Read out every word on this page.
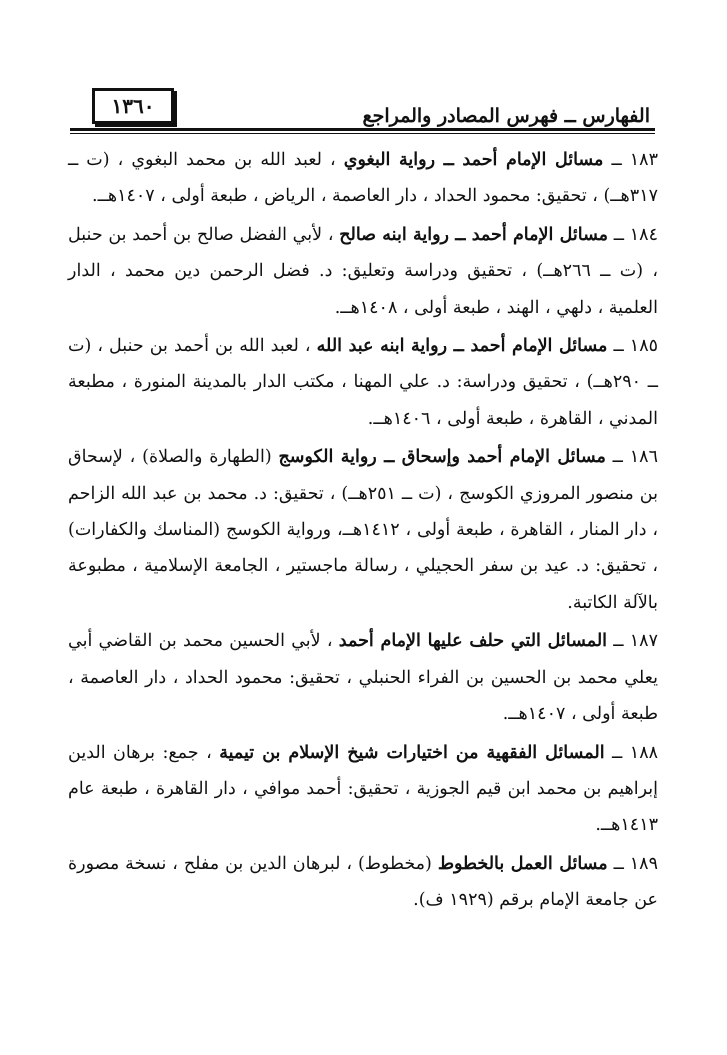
١٣٦٠	الفهارس ــ فهرس المصادر والمراجع

١٨٣ ــ مسائل الإمام أحمد ــ رواية البغوي ، لعبد الله بن محمد البغوي ، (ت ــ ٣١٧هــ) ، تحقيق: محمود الحداد ، دار العاصمة ، الرياض ، طبعة أولى ، ١٤٠٧هــ.

١٨٤ ــ مسائل الإمام أحمد ــ رواية ابنه صالح ، لأبي الفضل صالح بن أحمد بن حنبل ، (ت ــ ٢٦٦هــ) ، تحقيق ودراسة وتعليق: د. فضل الرحمن دين محمد ، الدار العلمية ، دلهي ، الهند ، طبعة أولى ، ١٤٠٨هــ.

١٨٥ ــ مسائل الإمام أحمد ــ رواية ابنه عبد الله ، لعبد الله بن أحمد بن حنبل ، (ت ــ ٢٩٠هــ) ، تحقيق ودراسة: د. علي المهنا ، مكتب الدار بالمدينة المنورة ، مطبعة المدني ، القاهرة ، طبعة أولى ، ١٤٠٦هــ.

١٨٦ ــ مسائل الإمام أحمد وإسحاق ــ رواية الكوسج (الطهارة والصلاة) ، لإسحاق بن منصور المروزي الكوسج ، (ت ــ ٢٥١هــ) ، تحقيق: د. محمد بن عبد الله الزاحم ، دار المنار ، القاهرة ، طبعة أولى ، ١٤١٢هــ، ورواية الكوسج (المناسك والكفارات) ، تحقيق: د. عيد بن سفر الحجيلي ، رسالة ماجستير ، الجامعة الإسلامية ، مطبوعة بالآلة الكاتبة.

١٨٧ ــ المسائل التي حلف عليها الإمام أحمد ، لأبي الحسين محمد بن القاضي أبي يعلي محمد بن الحسين بن الفراء الحنبلي ، تحقيق: محمود الحداد ، دار العاصمة ، طبعة أولى ، ١٤٠٧هــ.

١٨٨ ــ المسائل الفقهية من اختيارات شيخ الإسلام بن تيمية ، جمع: برهان الدين إبراهيم بن محمد ابن قيم الجوزية ، تحقيق: أحمد موافي ، دار القاهرة ، طبعة عام ١٤١٣هــ.

١٨٩ ــ مسائل العمل بالخطوط (مخطوط) ، لبرهان الدين بن مفلح ، نسخة مصورة عن جامعة الإمام برقم (١٩٢٩ ف).
